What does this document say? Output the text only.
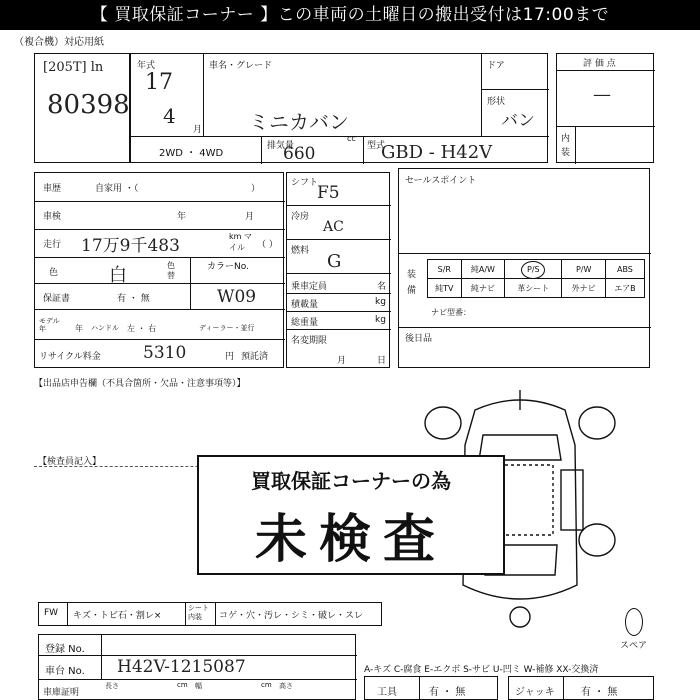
【 買取保証コーナー 】この車両の土曜日の搬出受付は17:00まで
（複合機）対応用紙
[205T] ln
80398
年式
17
4
月
車名・グレード
ミニカバン
ドア
形状
バン
2WD ・ 4WD
排気量
cc
660	型式
GBD - H42V
評 価 点
—
内装
車歴	自家用 ・（	）
車検	年	月
走行 17万9千483	km マイル	（ ）
色	白	色替
カラーNo.
W09
保証書	有 ・ 無
モデル年	年 ハンドル 左 ・ 右	ディーラー・並行
リサイクル料金 5310	円 預託済
シフト
F5
冷房
AC
燃料 G
乗車定員	名
積載量	kg
総重量	kg
名変期限
月	日
セールスポイント
装備
S/R	純A/W	P/S	P/W	ABS
純TV	純ナビ	革シート	外ナビ	エアB
ナビ型番：
後日品
【出品店申告欄（不具合箇所・欠品・注意事項等）】
【検査員記入】
スペア
買取保証コーナーの為
未検査
FW キズ・トビ石・割レ×
シート内装	コゲ・穴・汚レ・シミ・破レ・スレ
登録 No.
車台 No. H42V-1215087
車庫証明
長さ	cm 幅	cm 高さ
A-キズ C-腐食 E-エクボ S-サビ U-凹ミ W-補修 XX-交換済
工具	有 ・ 無	ジャッキ	有 ・ 無
